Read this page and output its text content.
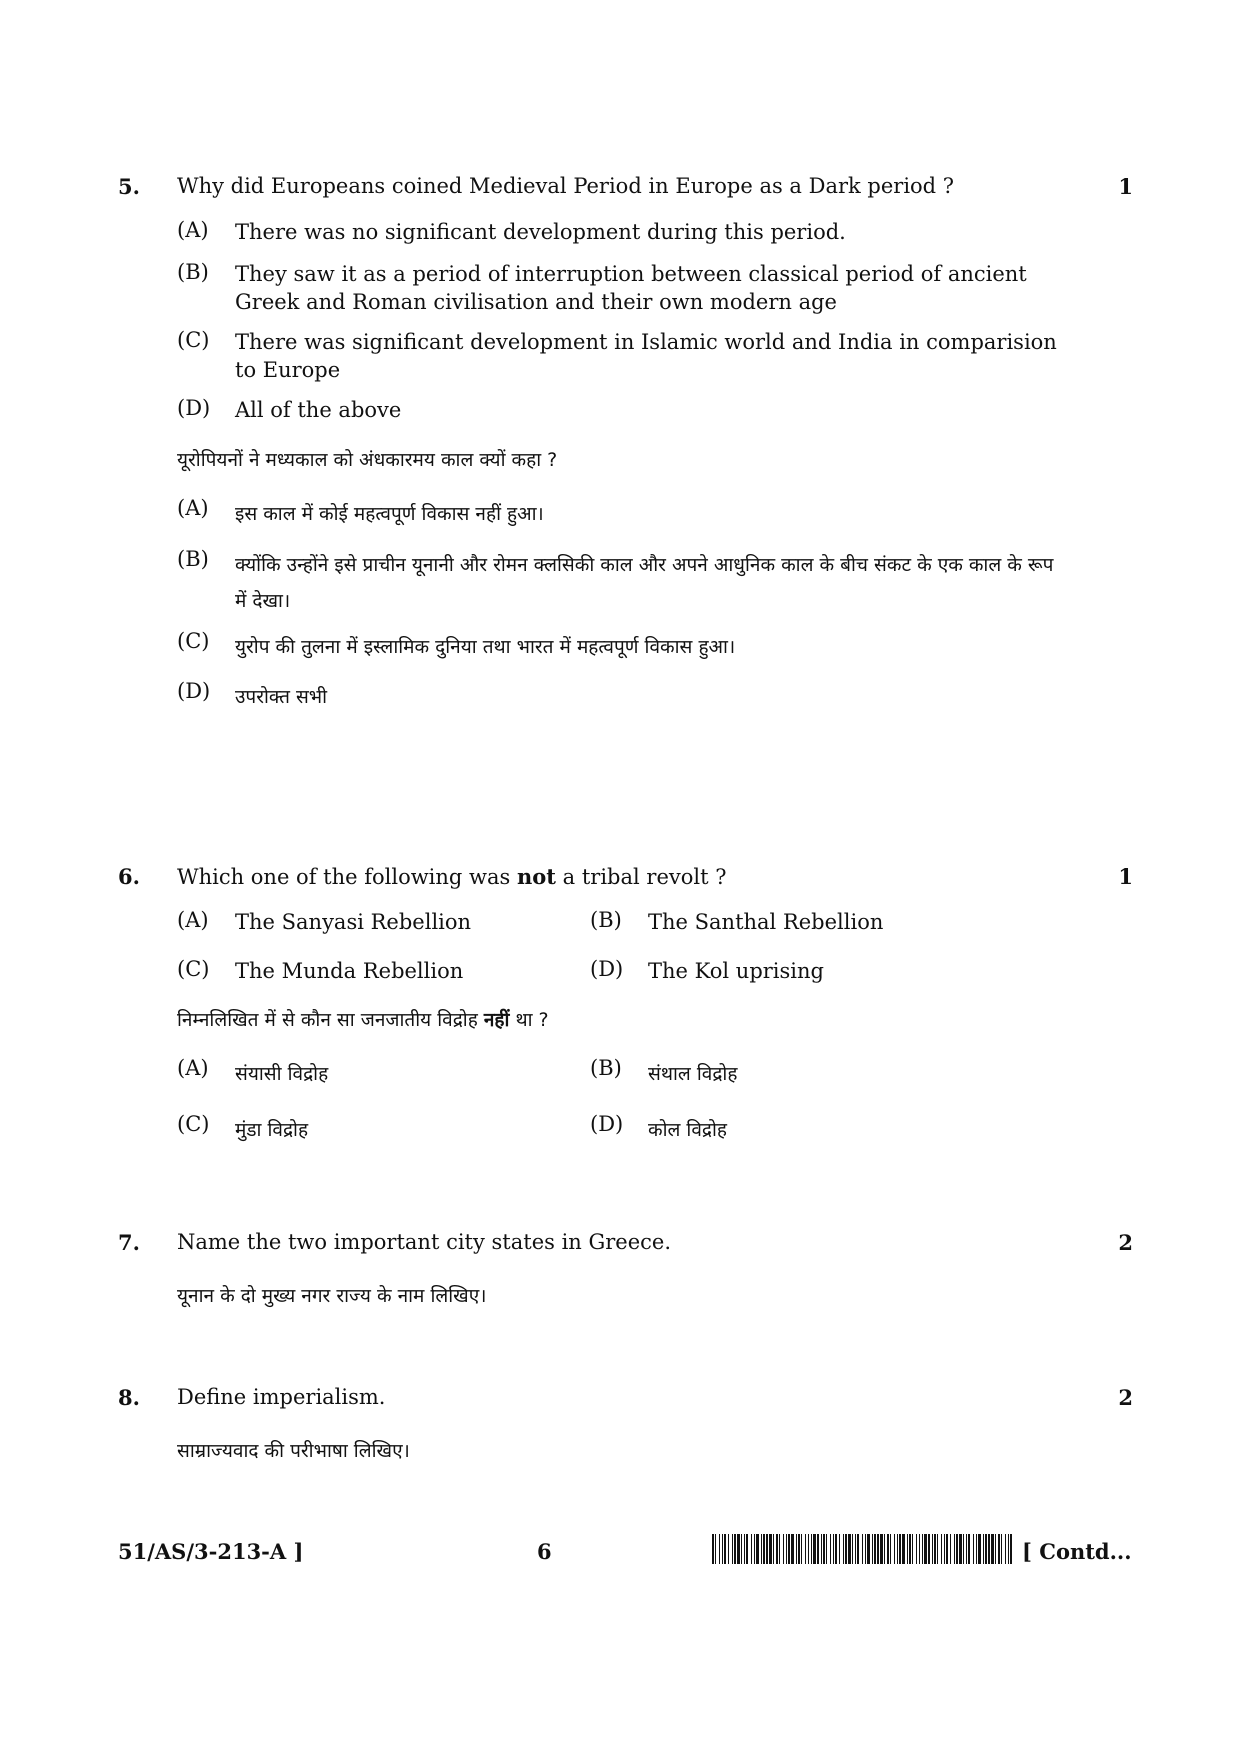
5. Why did Europeans coined Medieval Period in Europe as a Dark period ?	1
(A) There was no significant development during this period.
(B) They saw it as a period of interruption between classical period of ancient Greek and Roman civilisation and their own modern age
(C) There was significant development in Islamic world and India in comparision to Europe
(D) All of the above
यूरोपियनों ने मध्यकाल को अंधकारमय काल क्यों कहा ?
(A) इस काल में कोई महत्वपूर्ण विकास नहीं हुआ।
(B) क्योंकि उन्होंने इसे प्राचीन यूनानी और रोमन क्लसिकी काल और अपने आधुनिक काल के बीच संकट के एक काल के रूप में देखा।
(C) युरोप की तुलना में इस्लामिक दुनिया तथा भारत में महत्वपूर्ण विकास हुआ।
(D) उपरोक्त सभी
6. Which one of the following was not a tribal revolt ?	1
(A) The Sanyasi Rebellion	(B) The Santhal Rebellion
(C) The Munda Rebellion	(D) The Kol uprising
निम्नलिखित में से कौन सा जनजातीय विद्रोह नहीं था ?
(A) संयासी विद्रोह	(B) संथाल विद्रोह
(C) मुंडा विद्रोह	(D) कोल विद्रोह
7. Name the two important city states in Greece.	2
यूनान के दो मुख्य नगर राज्य के नाम लिखिए।
8. Define imperialism.	2
साम्राज्यवाद की परीभाषा लिखिए।
51/AS/3-213-A ]	6	[ Contd...
